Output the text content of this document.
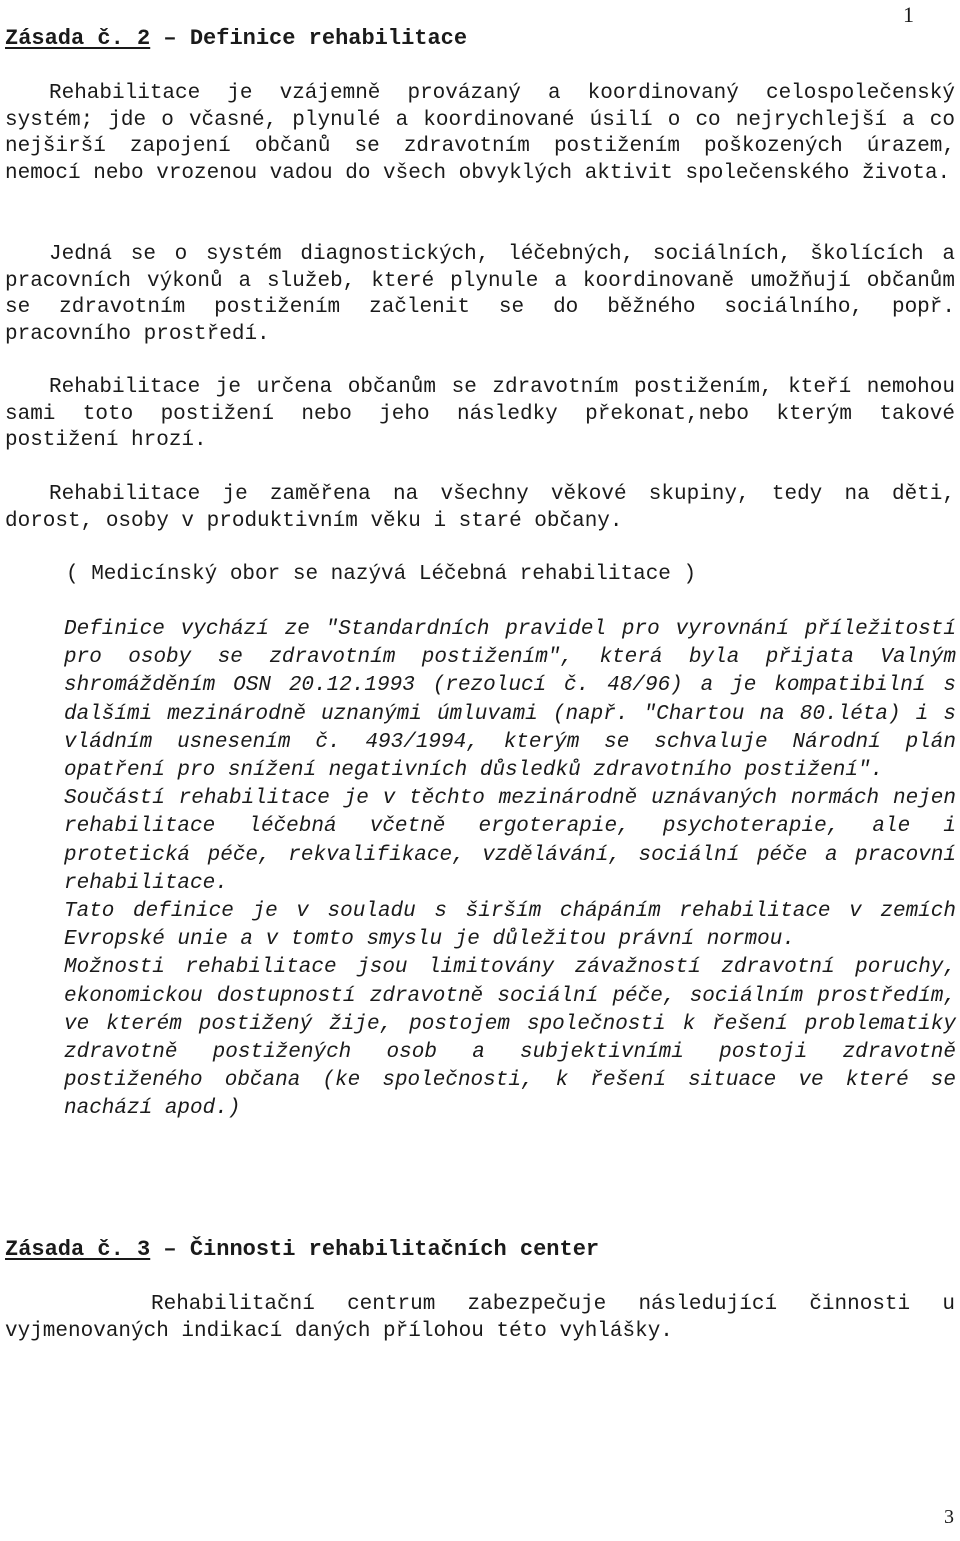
1
Zásada č. 2 – Definice rehabilitace

Rehabilitace je vzájemně provázaný a koordinovaný celospolečenský systém; jde o včasné, plynulé a koordinované úsilí o co nejrychlejší a co nejširší zapojení občanů se zdravotním postižením poškozených úrazem, nemocí nebo vrozenou vadou do všech obvyklých aktivit společenského života.

Jedná se o systém diagnostických, léčebných, sociálních, školících a pracovních výkonů a služeb, které plynule a koordinovaně umožňují občanům se zdravotním postižením začlenit se do běžného sociálního, popř. pracovního prostředí.

Rehabilitace je určena občanům se zdravotním postižením, kteří nemohou sami toto postižení nebo jeho následky překonat,nebo kterým takové postižení hrozí.

Rehabilitace je zaměřena na všechny věkové skupiny, tedy na děti, dorost, osoby v produktivním věku i staré občany.

( Medicínský obor se nazývá Léčebná rehabilitace )

Definice vychází ze "Standardních pravidel pro vyrovnání příležitostí pro osoby se zdravotním postižením", která byla přijata Valným shromážděním OSN 20.12.1993 (rezolucí č. 48/96) a je kompatibilní s dalšími mezinárodně uznanými úmluvami (např. "Chartou na 80.léta) i s vládním usnesením č. 493/1994, kterým se schvaluje Národní plán opatření pro snížení negativních důsledků zdravotního postižení".

Součástí rehabilitace je v těchto mezinárodně uznávaných normách nejen rehabilitace léčebná včetně ergoterapie, psychoterapie, ale i protetická péče, rekvalifikace, vzdělávání, sociální péče a pracovní rehabilitace.

Tato definice je v souladu s širším chápáním rehabilitace v zemích Evropské unie a v tomto smyslu je důležitou právní normou.

Možnosti rehabilitace jsou limitovány závažností zdravotní poruchy, ekonomickou dostupností zdravotně sociální péče, sociálním prostředím, ve kterém postižený žije, postojem společnosti k řešení problematiky zdravotně postižených osob a subjektivními postoji zdravotně postiženého občana (ke společnosti, k řešení situace ve které se nachází apod.)

Zásada č. 3 – Činnosti rehabilitačních center

Rehabilitační centrum zabezpečuje následující činnosti u vyjmenovaných indikací daných přílohou této vyhlášky.

3
